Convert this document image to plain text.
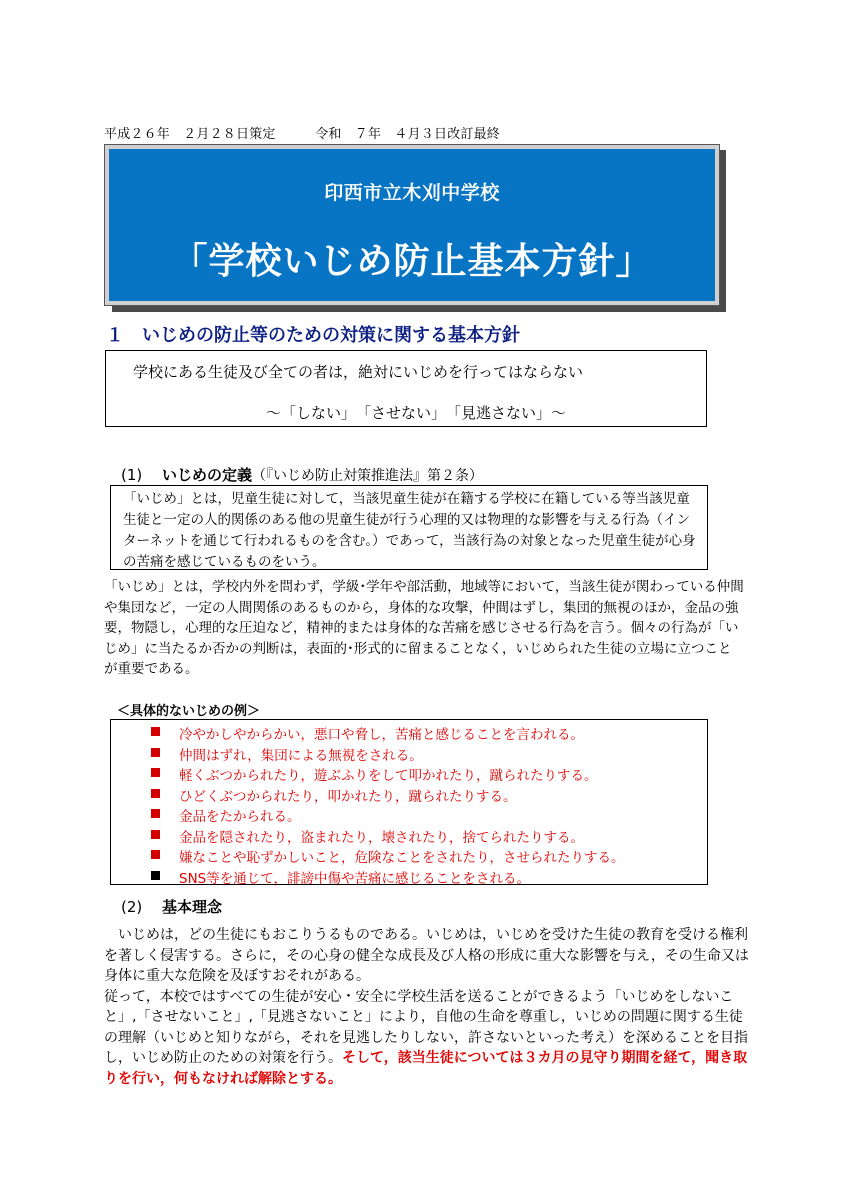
平成２６年　２月２８日策定　　　令和　７年　４月３日改訂最終
印西市立木刈中学校
「学校いじめ防止基本方針」
１　いじめの防止等のための対策に関する基本方針
学校にある生徒及び全ての者は，絶対にいじめを行ってはならない
～「しない」　「させない」　「見逃さない」～
(1)　 いじめの定義（『いじめ防止対策推進法』第２条）
「いじめ」とは，児童生徒に対して，当該児童生徒が在籍する学校に在籍している等当該児童生徒と一定の人的関係のある他の児童生徒が行う心理的又は物理的な影響を与える行為（インターネットを通じて行われるものを含む。）であって，当該行為の対象となった児童生徒が心身の苦痛を感じているものをいう。
「いじめ」とは，学校内外を問わず，学級･学年や部活動，地域等において，当該生徒が関わっている仲間や集団など，一定の人間関係のあるものから，身体的な攻撃，仲間はずし，集団的無視のほか，金品の強要，物隠し，心理的な圧迫など，精神的または身体的な苦痛を感じさせる行為を言う。個々の行為が「いじめ」に当たるか否かの判断は，表面的･形式的に留まることなく，いじめられた生徒の立場に立つことが重要である。
＜具体的ないじめの例＞
冷やかしやからかい，悪口や脅し，苦痛と感じることを言われる。
仲間はずれ，集団による無視をされる。
軽くぶつかられたり，遊ぶふりをして叩かれたり，蹴られたりする。
ひどくぶつかられたり，叩かれたり，蹴られたりする。
金品をたかられる。
金品を隠されたり，盗まれたり，壊されたり，捨てられたりする。
嫌なことや恥ずかしいこと，危険なことをされたり，させられたりする。
SNS等を通じて，誹謗中傷や苦痛に感じることをされる。
(2)　 基本理念
いじめは，どの生徒にもおこりうるものである。いじめは，いじめを受けた生徒の教育を受ける権利を著しく侵害する。さらに，その心身の健全な成長及び人格の形成に重大な影響を与え，その生命又は身体に重大な危険を及ぼすおそれがある。
従って，本校ではすべての生徒が安心・安全に学校生活を送ることができるよう「いじめをしないこと」,「させないこと」,「見逃さないこと」により，自他の生命を尊重し，いじめの問題に関する生徒の理解（いじめと知りながら，それを見逃したりしない，許さないといった考え）を深めることを目指し，いじめ防止のための対策を行う。そして，該当生徒については３カ月の見守り期間を経て，聞き取りを行い，何もなければ解除とする。
